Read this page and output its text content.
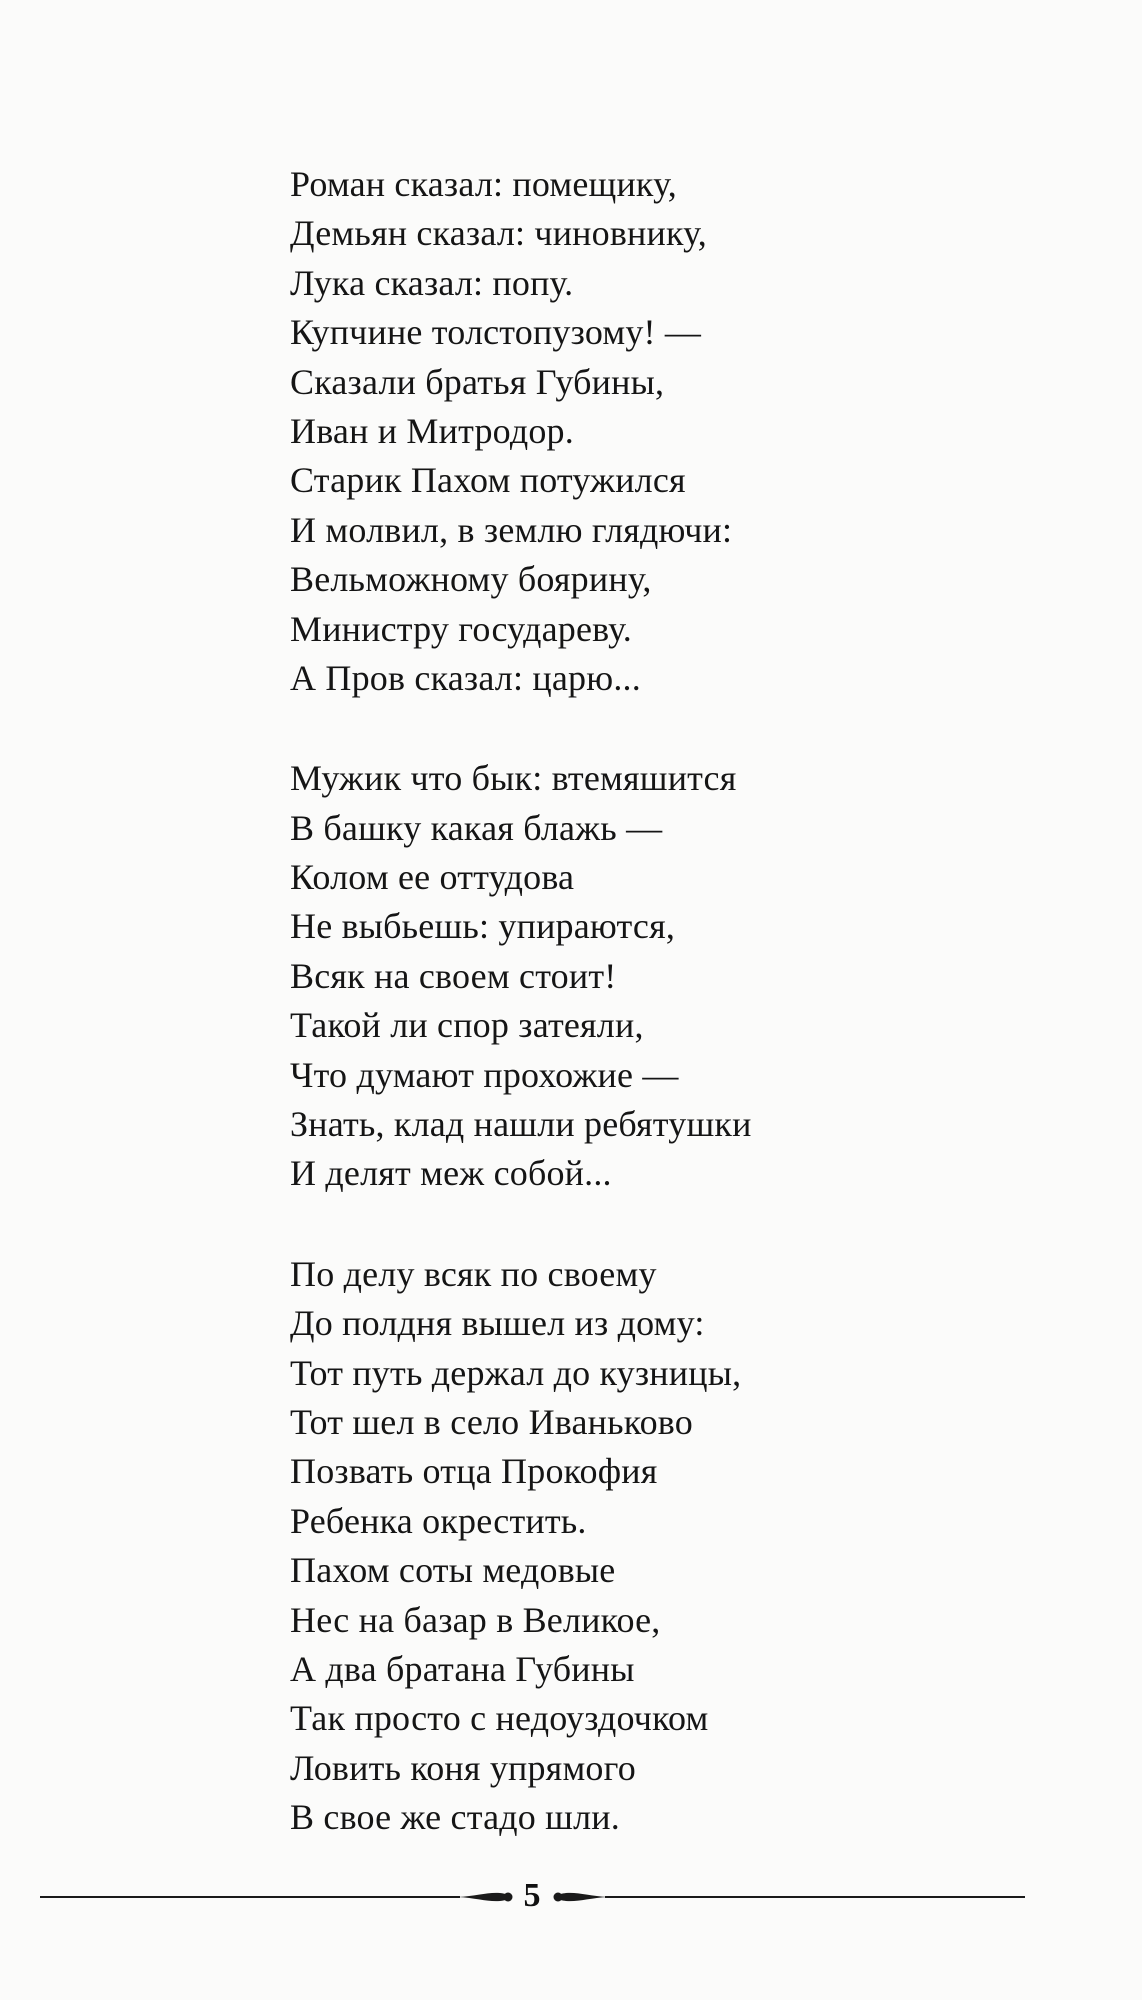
Роман сказал: помещику,
Демьян сказал: чиновнику,
Лука сказал: попу.
Купчине толстопузому! —
Сказали братья Губины,
Иван и Митродор.
Старик Пахом потужился
И молвил, в землю глядючи:
Вельможному боярину,
Министру государеву.
А Пров сказал: царю...
Мужик что бык: втемяшится
В башку какая блажь —
Колом ее оттудова
Не выбьешь: упираются,
Всяк на своем стоит!
Такой ли спор затеяли,
Что думают прохожие —
Знать, клад нашли ребятушки
И делят меж собой...
По делу всяк по своему
До полдня вышел из дому:
Тот путь держал до кузницы,
Тот шел в село Иваньково
Позвать отца Прокофия
Ребенка окрестить.
Пахом соты медовые
Нес на базар в Великое,
А два братана Губины
Так просто с недоуздочком
Ловить коня упрямого
В свое же стадо шли.
5
